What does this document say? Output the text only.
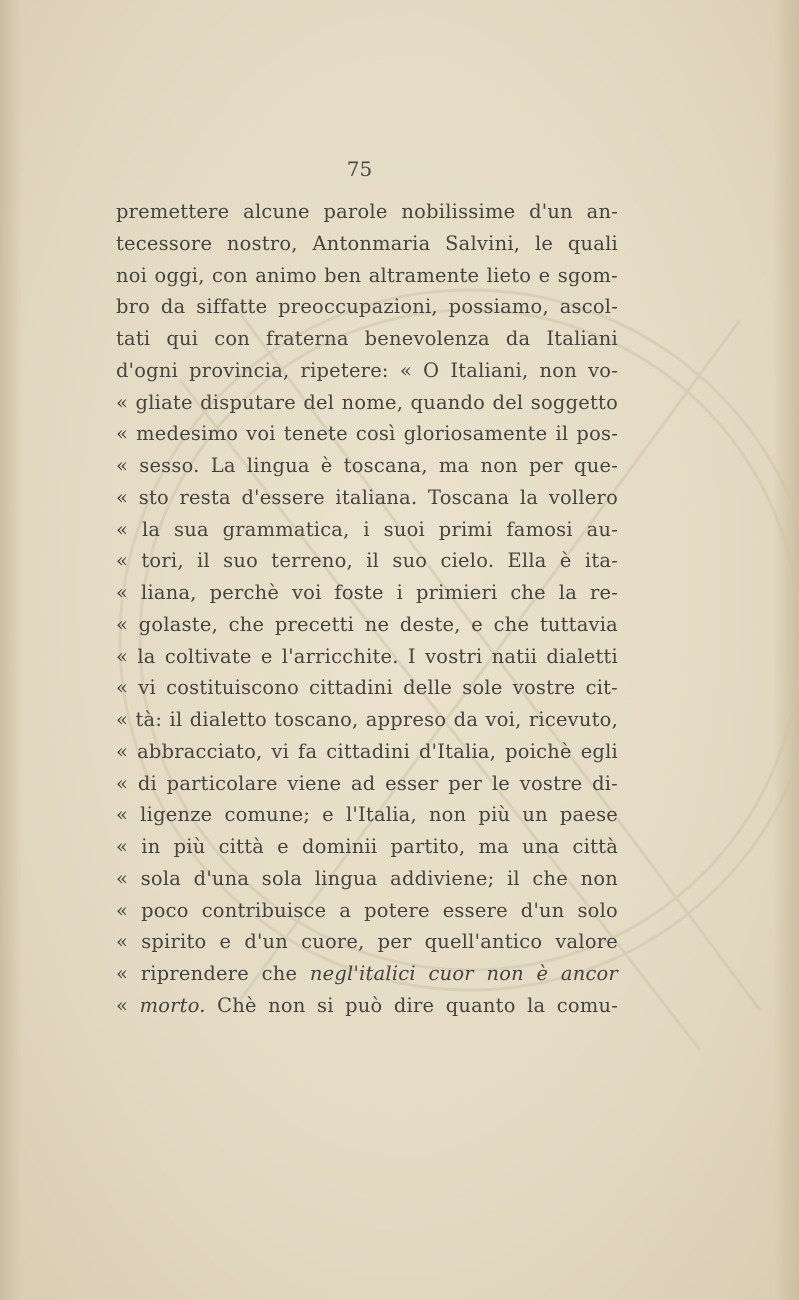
75
premettere alcune parole nobilissime d'un an-
tecessore nostro, Antonmaria Salvini, le quali
noi oggi, con animo ben altramente lieto e sgom-
bro da siffatte preoccupazioni, possiamo, ascol-
tati qui con fraterna benevolenza da Italiani
d'ogni provincia, ripetere: « O Italiani, non vo-
« gliate disputare del nome, quando del soggetto
« medesimo voi tenete così gloriosamente il pos-
« sesso. La lingua è toscana, ma non per que-
« sto resta d'essere italiana. Toscana la vollero
« la sua grammatica, i suoi primi famosi au-
« tori, il suo terreno, il suo cielo. Ella è ita-
« liana, perchè voi foste i primieri che la re-
« golaste, che precetti ne deste, e che tuttavia
« la coltivate e l'arricchite. I vostri natii dialetti
« vi costituiscono cittadini delle sole vostre cit-
« tà: il dialetto toscano, appreso da voi, ricevuto,
« abbracciato, vi fa cittadini d'Italia, poichè egli
« di particolare viene ad esser per le vostre di-
« ligenze comune; e l'Italia, non più un paese
« in più città e dominii partito, ma una città
« sola d'una sola lingua addiviene; il che non
« poco contribuisce a potere essere d'un solo
« spirito e d'un cuore, per quell'antico valore
« riprendere che negl'italici cuor non è ancor
« morto. Chè non si può dire quanto la comu-
